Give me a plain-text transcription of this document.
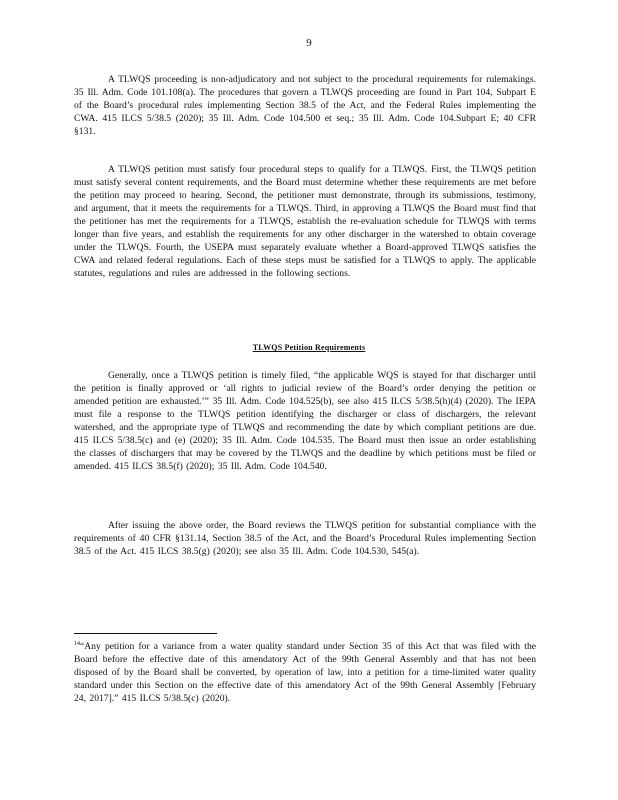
9

A TLWQS proceeding is non-adjudicatory and not subject to the procedural requirements for rulemakings. 35 Ill. Adm. Code 101.108(a). The procedures that govern a TLWQS proceeding are found in Part 104, Subpart E of the Board’s procedural rules implementing Section 38.5 of the Act, and the Federal Rules implementing the CWA. 415 ILCS 5/38.5 (2020); 35 Ill. Adm. Code 104.500 et seq.; 35 Ill. Adm. Code 104.Subpart E; 40 CFR §131.

A TLWQS petition must satisfy four procedural steps to qualify for a TLWQS. First, the TLWQS petition must satisfy several content requirements, and the Board must determine whether these requirements are met before the petition may proceed to hearing. Second, the petitioner must demonstrate, through its submissions, testimony, and argument, that it meets the requirements for a TLWQS. Third, in approving a TLWQS the Board must find that the petitioner has met the requirements for a TLWQS, establish the re-evaluation schedule for TLWQS with terms longer than five years, and establish the requirements for any other discharger in the watershed to obtain coverage under the TLWQS. Fourth, the USEPA must separately evaluate whether a Board-approved TLWQS satisfies the CWA and related federal regulations. Each of these steps must be satisfied for a TLWQS to apply. The applicable statutes, regulations and rules are addressed in the following sections.

TLWQS Petition Requirements

Generally, once a TLWQS petition is timely filed, “the applicable WQS is stayed for that discharger until the petition is finally approved or ‘all rights to judicial review of the Board’s order denying the petition or amended petition are exhausted.’” 35 Ill. Adm. Code 104.525(b), see also 415 ILCS 5/38.5(h)(4) (2020). The IEPA must file a response to the TLWQS petition identifying the discharger or class of dischargers, the relevant watershed, and the appropriate type of TLWQS and recommending the date by which compliant petitions are due. 415 ILCS 5/38.5(c) and (e) (2020); 35 Ill. Adm. Code 104.535. The Board must then issue an order establishing the classes of dischargers that may be covered by the TLWQS and the deadline by which petitions must be filed or amended. 415 ILCS 38.5(f) (2020); 35 Ill. Adm. Code 104.540.

After issuing the above order, the Board reviews the TLWQS petition for substantial compliance with the requirements of 40 CFR §131.14, Section 38.5 of the Act, and the Board’s Procedural Rules implementing Section 38.5 of the Act. 415 ILCS 38.5(g) (2020); see also 35 Ill. Adm. Code 104.530, 545(a).

$^{14}$“Any petition for a variance from a water quality standard under Section 35 of this Act that was filed with the Board before the effective date of this amendatory Act of the 99th General Assembly and that has not been disposed of by the Board shall be converted, by operation of law, into a petition for a time-limited water quality standard under this Section on the effective date of this amendatory Act of the 99th General Assembly [February 24, 2017].” 415 ILCS 5/38.5(c) (2020).
